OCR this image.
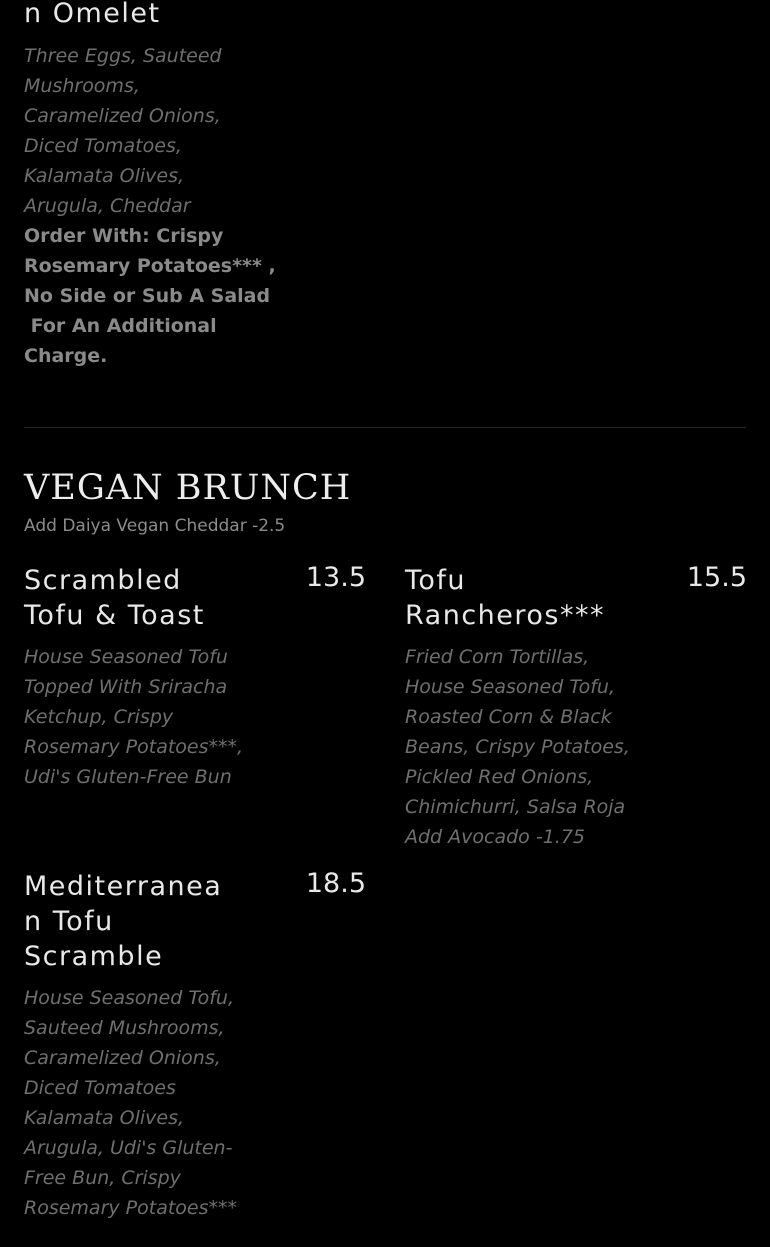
n Omelet
Three Eggs, Sauteed
Mushrooms,
Caramelized Onions,
Diced Tomatoes,
Kalamata Olives,
Arugula, Cheddar
Order With: Crispy
Rosemary Potatoes*** ,
No Side or Sub A Salad
For An Additional
Charge.
VEGAN BRUNCH
Add Daiya Vegan Cheddar -2.5
Scrambled
Tofu & Toast
13.5
House Seasoned Tofu
Topped With Sriracha
Ketchup, Crispy
Rosemary Potatoes***,
Udi's Gluten-Free Bun
Tofu
Rancheros***
15.5
Fried Corn Tortillas,
House Seasoned Tofu,
Roasted Corn & Black
Beans, Crispy Potatoes,
Pickled Red Onions,
Chimichurri, Salsa Roja
Add Avocado -1.75
Mediterranea
n Tofu
Scramble
18.5
House Seasoned Tofu,
Sauteed Mushrooms,
Caramelized Onions,
Diced Tomatoes
Kalamata Olives,
Arugula, Udi's Gluten-
Free Bun, Crispy
Rosemary Potatoes***
